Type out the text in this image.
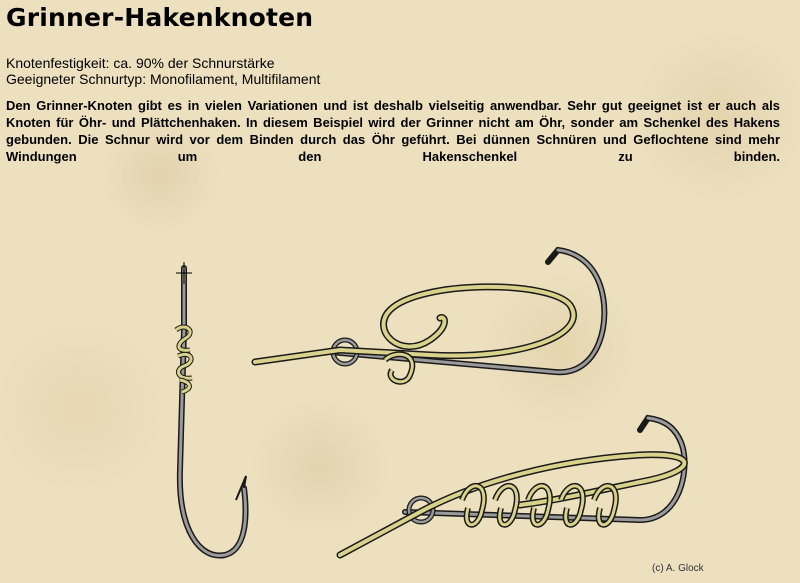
Grinner-Hakenknoten
Knotenfestigkeit: ca. 90% der Schnurstärke
Geeigneter Schnurtyp: Monofilament, Multifilament
Den Grinner-Knoten gibt es in vielen Variationen und ist deshalb vielseitig anwendbar. Sehr gut geeignet ist er auch als Knoten für Öhr- und Plättchenhaken. In diesem Beispiel wird der Grinner nicht am Öhr, sonder am Schenkel des Hakens gebunden. Die Schnur wird vor dem Binden durch das Öhr geführt. Bei dünnen Schnüren und Geflochtene sind mehr Windungen um den Hakenschenkel zu binden.
(c) A. Glock
